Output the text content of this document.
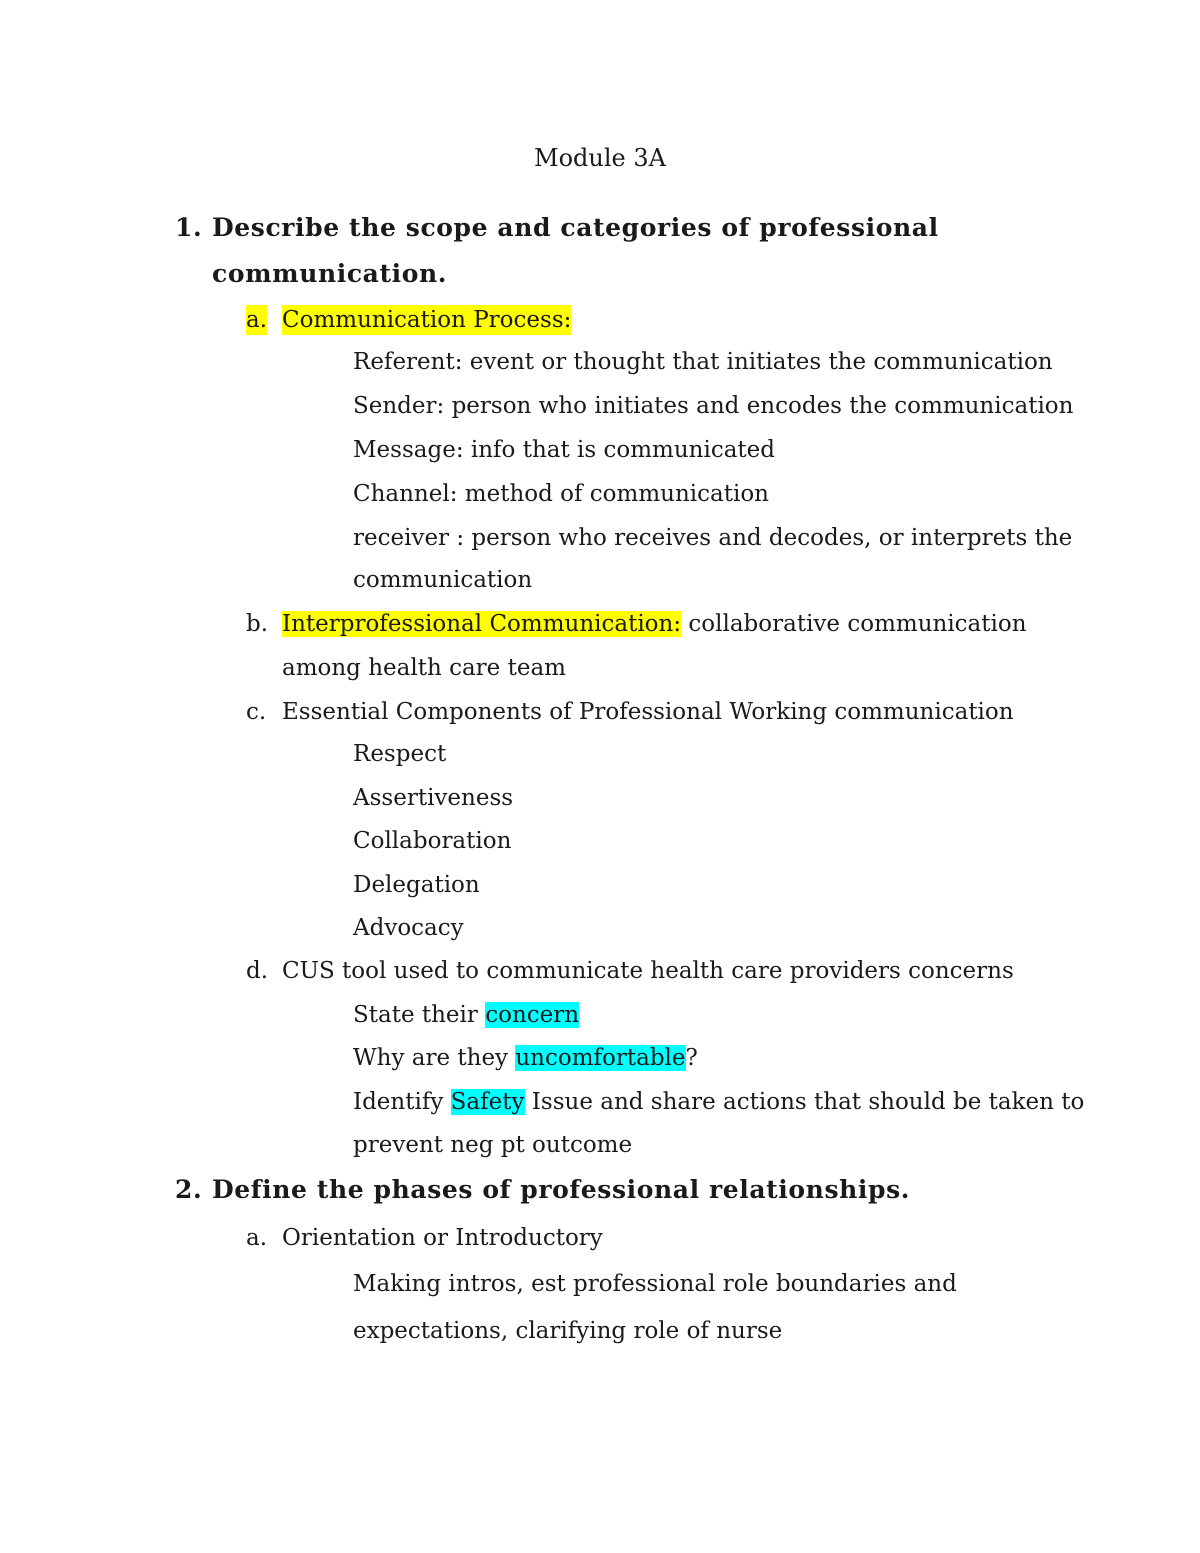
Module 3A
1. Describe the scope and categories of professional
communication.
a. Communication Process:
Referent: event or thought that initiates the communication
Sender: person who initiates and encodes the communication
Message: info that is communicated
Channel: method of communication
receiver : person who receives and decodes, or interprets the
communication
b. Interprofessional Communication: collaborative communication
among health care team
c. Essential Components of Professional Working communication
Respect
Assertiveness
Collaboration
Delegation
Advocacy
d. CUS tool used to communicate health care providers concerns
State their concern
Why are they uncomfortable?
Identify Safety Issue and share actions that should be taken to
prevent neg pt outcome
2. Define the phases of professional relationships.
a. Orientation or Introductory
Making intros, est professional role boundaries and
expectations, clarifying role of nurse
